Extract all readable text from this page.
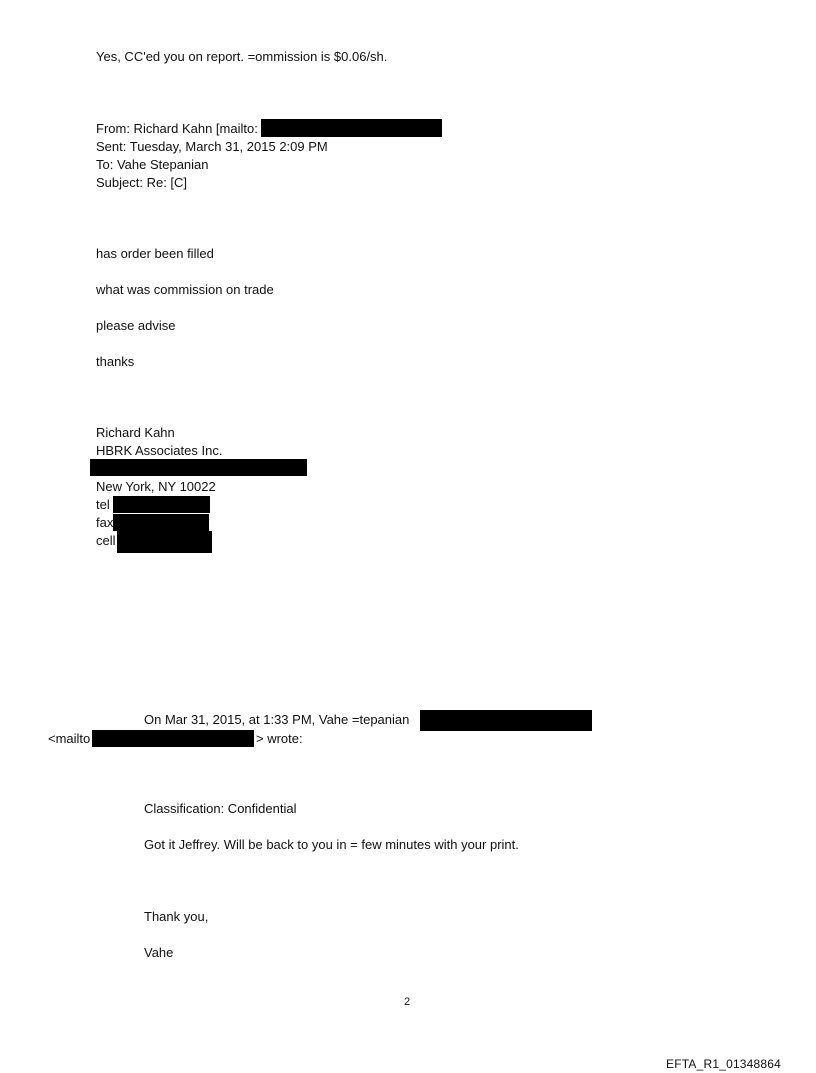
Yes, CC'ed you on report. =ommission is $0.06/sh.
From: Richard Kahn [mailto:
Sent: Tuesday, March 31, 2015 2:09 PM
To: Vahe Stepanian
Subject: Re: [C]
has order been filled
what was commission on trade
please advise
thanks
Richard Kahn
HBRK Associates Inc.
New York, NY 10022
tel
fax
cell
On Mar 31, 2015, at 1:33 PM, Vahe =tepanian
<mailto	> wrote:
Classification: Confidential
Got it Jeffrey. Will be back to you in = few minutes with your print.
Thank you,
Vahe
2
EFTA_R1_01348864
